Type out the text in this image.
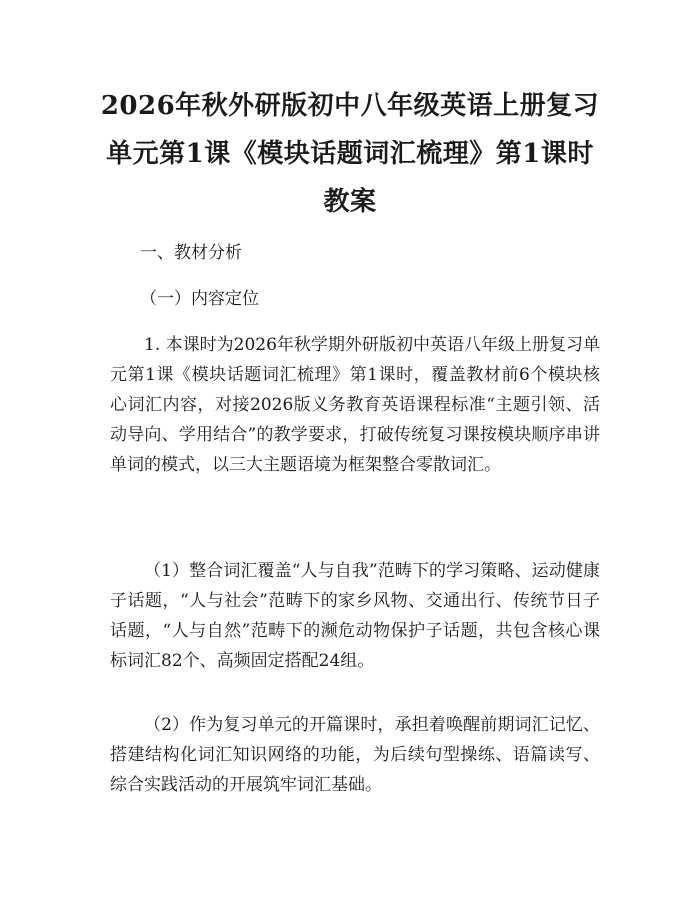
2026年秋外研版初中八年级英语上册复习单元第1课《模块话题词汇梳理》第1课时教案
一、教材分析
（一）内容定位

1. 本课时为2026年秋学期外研版初中英语八年级上册复习单元第1课《模块话题词汇梳理》第1课时，覆盖教材前6个模块核心词汇内容，对接2026版义务教育英语课程标准“主题引领、活动导向、学用结合”的教学要求，打破传统复习课按模块顺序串讲单词的模式，以三大主题语境为框架整合零散词汇。

（1）整合词汇覆盖“人与自我”范畴下的学习策略、运动健康子话题，“人与社会”范畴下的家乡风物、交通出行、传统节日子话题，“人与自然”范畴下的濒危动物保护子话题，共包含核心课标词汇82个、高频固定搭配24组。

（2）作为复习单元的开篇课时，承担着唤醒前期词汇记忆、搭建结构化词汇知识网络的功能，为后续句型操练、语篇读写、综合实践活动的开展筑牢词汇基础。
